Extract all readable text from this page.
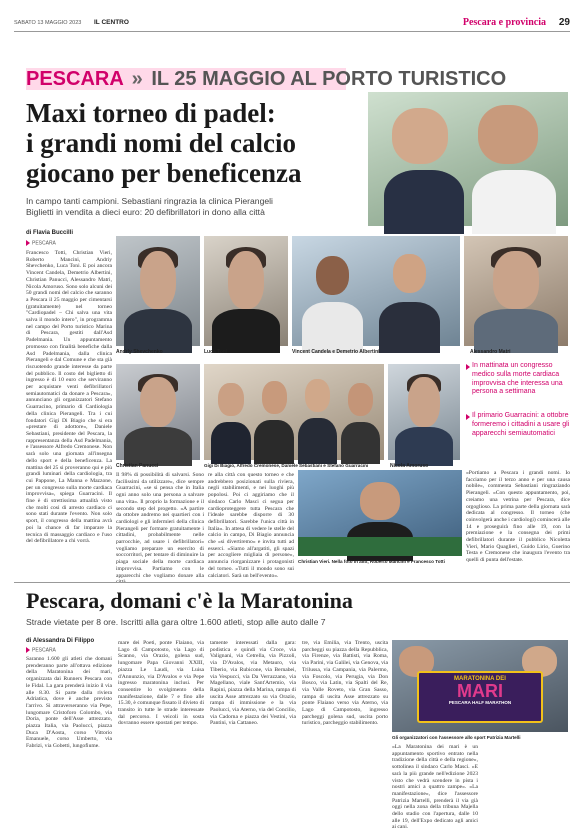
SABATO 13 MAGGIO 2023 IL CENTRO	Pescara e provincia 29
PESCARA » IL 25 MAGGIO AL PORTO TURISTICO
Maxi torneo di padel:
i grandi nomi del calcio
giocano per beneficenza
In campo tanti campioni. Sebastiani ringrazia la clinica Pierangeli
Biglietti in vendita a dieci euro: 20 defibrillatori in dono alla città
di Flavia Buccilli
PESCARA
Francesco Totti, Christian Vieri, Roberto Mancini, Andriy Shevchenko, Luca Toni. E poi ancora Vincent Candela, Demetrio Albertini, Christian Panucci, Alessandro Matri, Nicola Amoruso. Sono solo alcuni dei 50 grandi nomi del calcio che saranno a Pescara il 25 maggio per cimentarsi (gratuitamente) nel torneo "Cardiopadel – Chi salva una vita salva il mondo intero", in programma nel campo del Porto turistico Marina di Pescara, gestiti dall'Asd Padelmania. Un appuntamento promosso con finalità benefiche dalla Asd Padelmania, dalla clinica Pierangeli e dal Comune e che sta già riscuotendo grande interesse da parte del pubblico. Il costo del biglietto di ingresso è di 10 euro che serviranno per acquistare venti defibrillatori semiautomatici da donare a Pescara», annunciano gli organizzatori Stefano Guarracino, primario di Cardiologia della clinica Pierangeli. Tra i cui fondatori Gigi Di Biagio che si era «prestare di adottore», Daniele Sebastiani, presidente del Pescara, la rappresentanza della Asd Padelmania, e l'assessore Alfredo Cremonese. Non sarà solo una giornata all'insegna dello sport e della beneficenza. La mattina del 25 si proveranno qui e più grandi luminari della cardiologia, tra cui Pappone, La Manna e Mazzone, per un congresso sulla morte cardiaca improvvisa», spiega Guarracini. Il fine è di strettissima attualità visto che molti cosi di arresto cardiaco ci sono stati durante l'evento. Non solo sport, il congresso della mattina avrà poi la chance di far imparare la tecnica di massaggio cardiaco e l'uso del defibrillatore a chi vorrà.
Andriy Shevchenko	Luca Toni	Vincent Candela e Demetrio Albertini	Alessandro Matri
Christian Panucci	Gigi Di Biagio, Alfredo Cremonese, Daniele Sebastiani e Stefano Guarracini	Nicola Amoruso
In mattinata un congresso medico sulla morte cardiaca improvvisa che interessa una persona a settimana
Il primario Guarracini: a ottobre formeremo i cittadini a usare gli apparecchi semiautomatici
Il 98% di possibilità di salvarsi. Sono facilissimi da utilizzare», dice sempre Guarracini, «se si pensa che in Italia ogni anno solo una persona a salvare una vita». Il proprio la formazione e il secondo step del progetto. «A partire da ottobre andremo nei quartieri con i cardiologi e gli infermieri della clinica Pierangeli per formare gratuitamente i cittadini, probabilmente nelle parrocchie, ad usare i defibrillatori» vogliamo preparare un esercito di soccorritori, per tentare di diminuire la piaga sociale della morte cardiaca improvvisa. Partiamo con le apparecchi che vogliamo donare alla
re alla città con questo torneo e che andrebbero posizionati sulla riviera, negli stabilimenti, e nei luoghi più popolosi. Poi ci aggiriamo che il sindaco Carlo Masci ci segua per cardioproteggere tutta Pescara che l'ideale sarebbe disporre di 30 defibrillatori. Sarebbe l'unica città in Italia». In attesa di vedere le stelle del calcio in campo, Di Biagio annuncia che «si divertiremo» e invita tutti ad esserci. «Siamo all'argatiti, gli spazi per accogliere migliaia di persone», annuncia riorganizzare i protagonisti del torneo. «Tutti il mondo sono sui calciatori. Sarà un bell'evento».
Christian Vieri. Nella foto in alto, Roberto Mancini e Francesco Totti
«Portiamo a Pescara i grandi nomi. Io facciamo per il terzo anno e per una causa nobile», commenta Sebastiani ringraziando Pierangeli. «Con questo appuntamento, poi, creiamo una vetrina per Pescara, dice orgoglioso. La prima parte della giornata sarà dedicata al congresso. Il torneo (che coinvolgerà anche i cardiologi) comincerà alle 14 e proseguirà fino alle 19, con la premiazione e la consegna dei primi defibrillatori durante il pubblico Nicoletta Vieri, Mario Quaglieri, Guido Lirio, Guerino Testa e Cremonese che inaugura l'evento tra quelli di punta dell'estate.
Pescara, domani c'è la Maratonina
Strade vietate per 8 ore. Iscritti alla gara oltre 1.600 atleti, stop alle auto dalle 7
di Alessandra Di Filippo
PESCARA
Saranno 1.600 gli atleti che domani prenderanno parte all'ottava edizione della Maratonina dei mari, organizzata dai Runners Pescara con le Fidal. La gara prenderà inizio il via alle 8.30. Si parte dalla riviera Adriatica, dove è anche previsto l'arrivo. Si attraverseranno via Pepe, lungomare Cristoforo Colombo, via Doria, ponte dell'Asse attrezzato, piazza Italia, via Paolucci, piazza Duca D'Aosta, corso Vittorio Emanuele, corso Umberto, via Fabrizi, via Gobetti, lungofiume.
mare dei Poeti, ponte Flaiano, via Lago di Campotosto, via Lago di Scanno, via Orazio, golena sud, lungomare Papa Giovanni XXIII, piazza Le Laudi, via Luisa d'Annunzio, via D'Avalos e via Pepe ingresso maratonina inclusi. Per consentire lo svolgimento della manifestazione, dalle 7 e fino alle 15.30, è comunque fissato il divieto di transito in tutte le strade interessate dal percorso. I veicoli in sosta dovranno essere spostati per tempo.
tamente interessati dalla gara: podistica e quindi via Croce, via Valignani, via Cetrella, via Pizzoli, via D'Avalos, via Metauro, via Tiberio, via Rubicone, via Bernabei, via Vespucci, via Da Verrazzano, via Magellano, viale Sant'Artemio, via Rapini, piazza della Marina, rampa di uscita Asse attrezzato su via Orazio, rampa di immissione e la via Paolucci, via Aterno, via del Concilio, via Cadorna e piazza dei Vestini, via Pantini, via Cattaneo.
tre, via Emilia, via Trento, uscita parcheggi su piazza della Repubblica, via Firenze, via Battisti, via Roma, via Parini, via Galilei, via Genova, via Trilussa, via Campania, via Palermo, via Foscolo, via Perugia, via Don Bosco, via Latin, via Spalti del Re, via Valle Roveto, via Gran Sasso, rampa di uscita Asse attrezzato su ponte Flaiano verso via Aterno, via Lago di Campotosto, ingresso parcheggi golena sud, uscita porto turistico, parcheggio stabilimento.
MARATONINA DEI
MARI
PESCARA HALF MARATHON
Gli organizzatori con l'assessore allo sport Patrizia Martelli
«La Maratonina dei mari è un appuntamento sportivo entrato nella tradizione della città e della regione», sottolinea il sindaco Carlo Masci. «E sarà la più grande nell'edizione 2023 visto che vedrà scendere in pista i nostri amici a quattro zampe». «La manifestazione», dice l'assessore Patrizia Martelli, prenderà il via già oggi nella zona della tribuna Majella dello stadio con l'apertura, dalle 10 alle 19, dell'Expo dedicato agli amici ai cani.
